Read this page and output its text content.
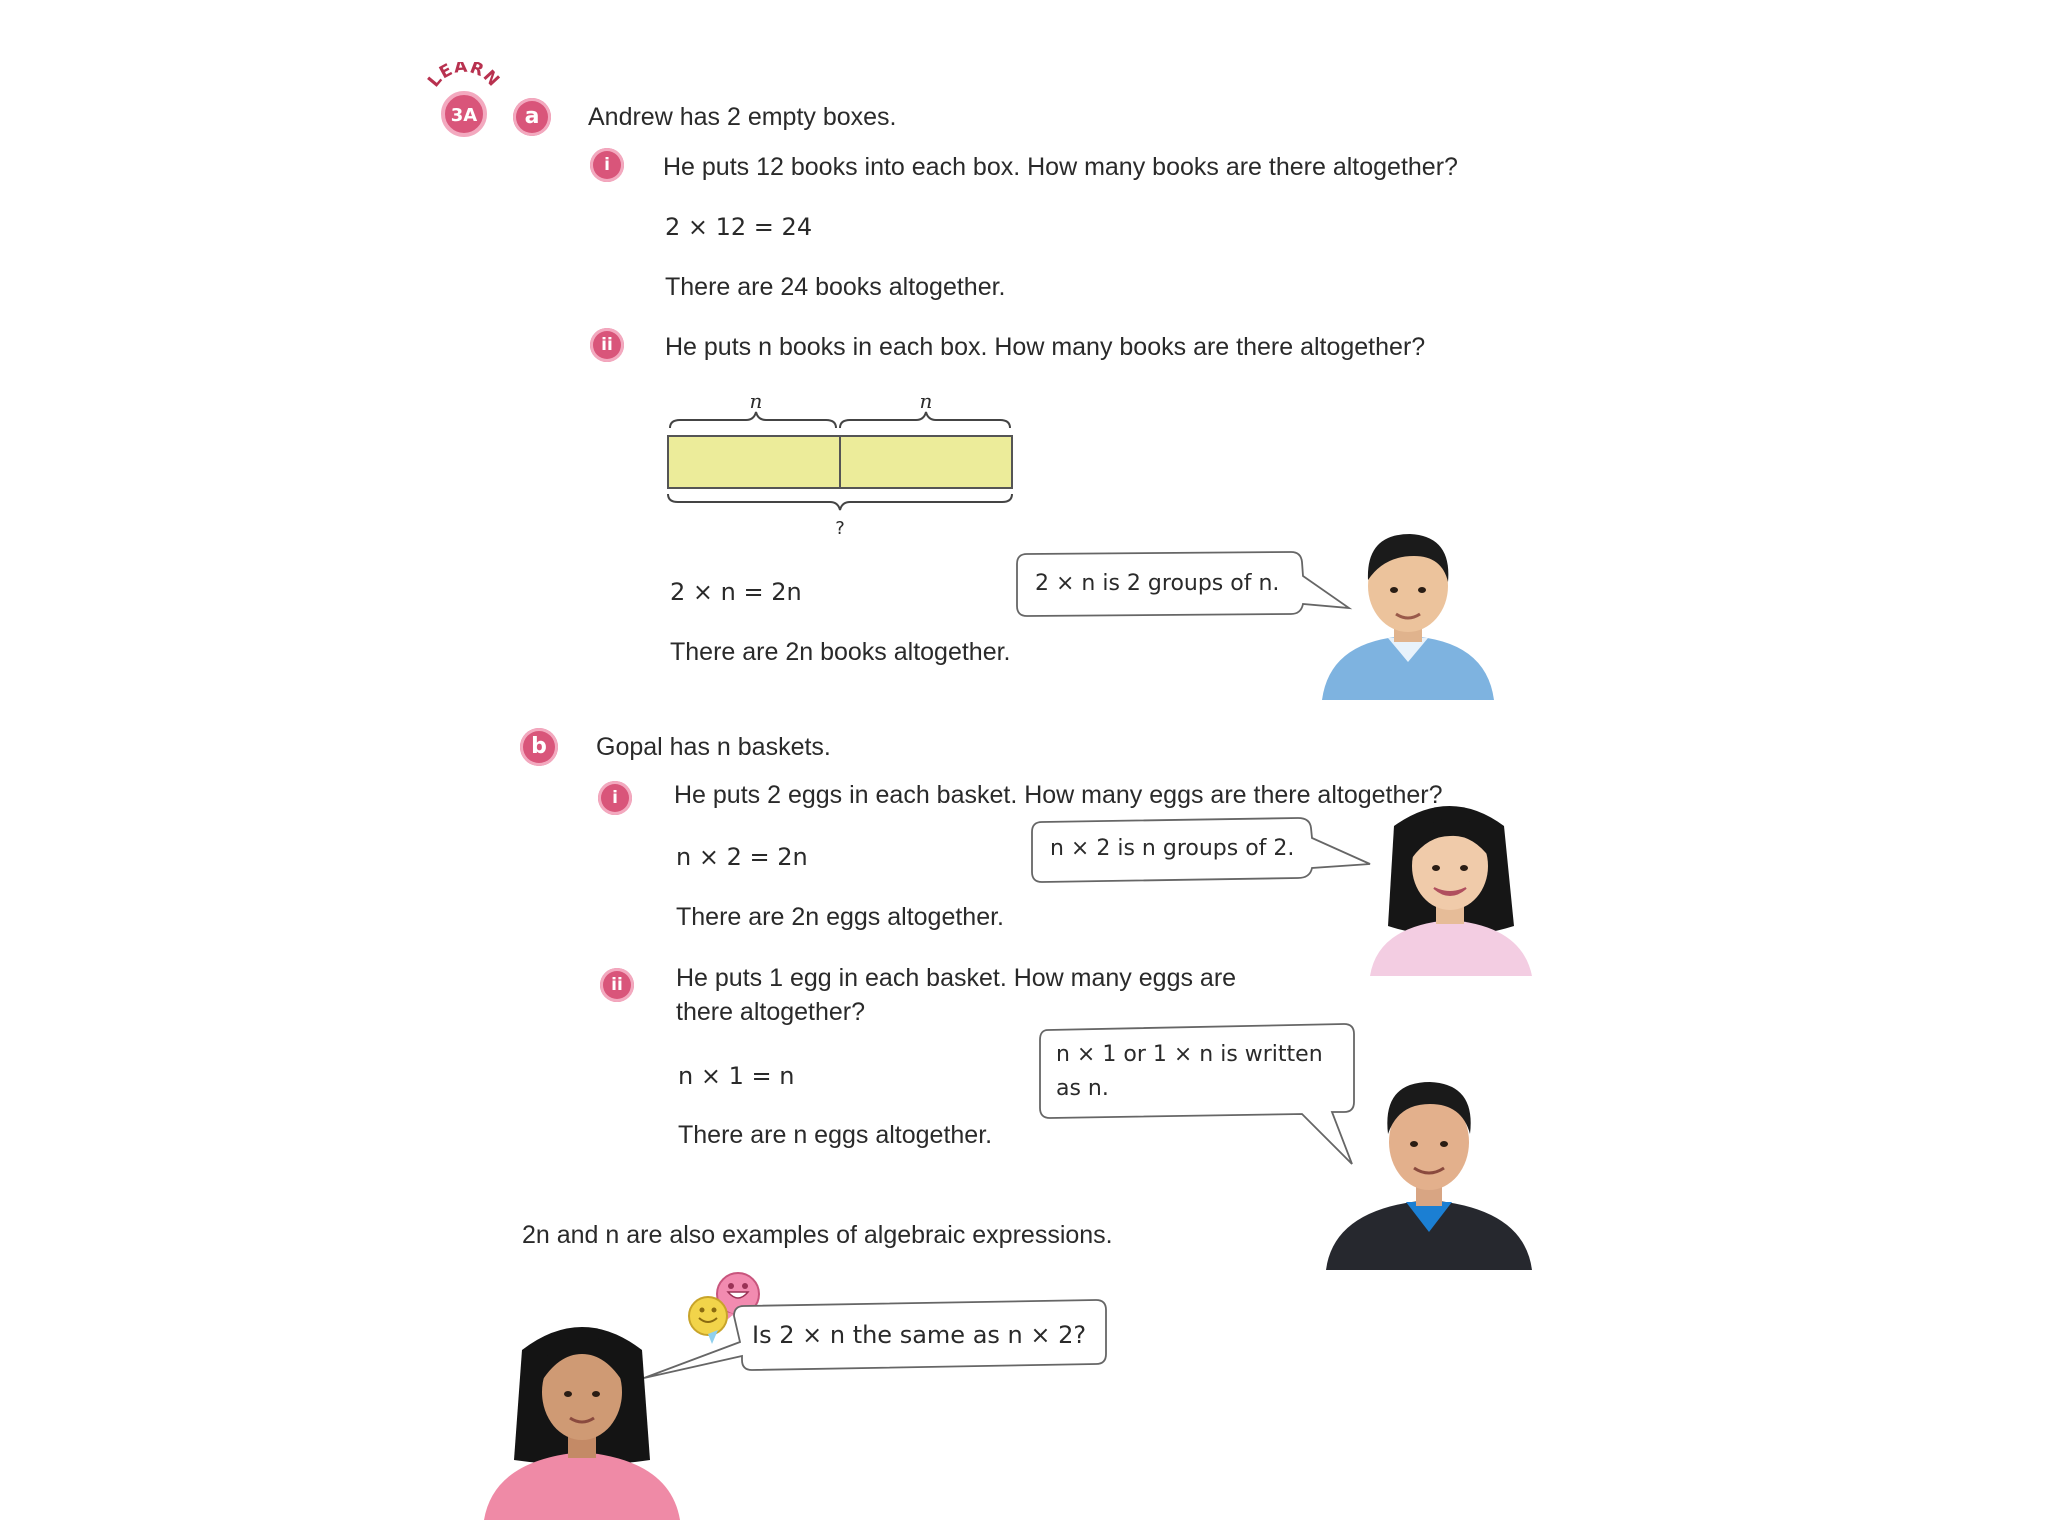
LEARN
3A	a	Andrew has 2 empty boxes.
i	He puts 12 books into each box. How many books are there altogether?
2 × 12 = 24
There are 24 books altogether.
ii	He puts n books in each box. How many books are there altogether?
n	n
?
2 × n = 2n
There are 2n books altogether.
2 × n is 2 groups of n.
b	Gopal has n baskets.
i	He puts 2 eggs in each basket. How many eggs are there altogether?
n × 2 = 2n
There are 2n eggs altogether.
n × 2 is n groups of 2.
ii	He puts 1 egg in each basket. How many eggs are
there altogether?
n × 1 = n
There are n eggs altogether.
n × 1 or 1 × n is written
as n.
2n and n are also examples of algebraic expressions.
Is 2 × n the same as n × 2?
